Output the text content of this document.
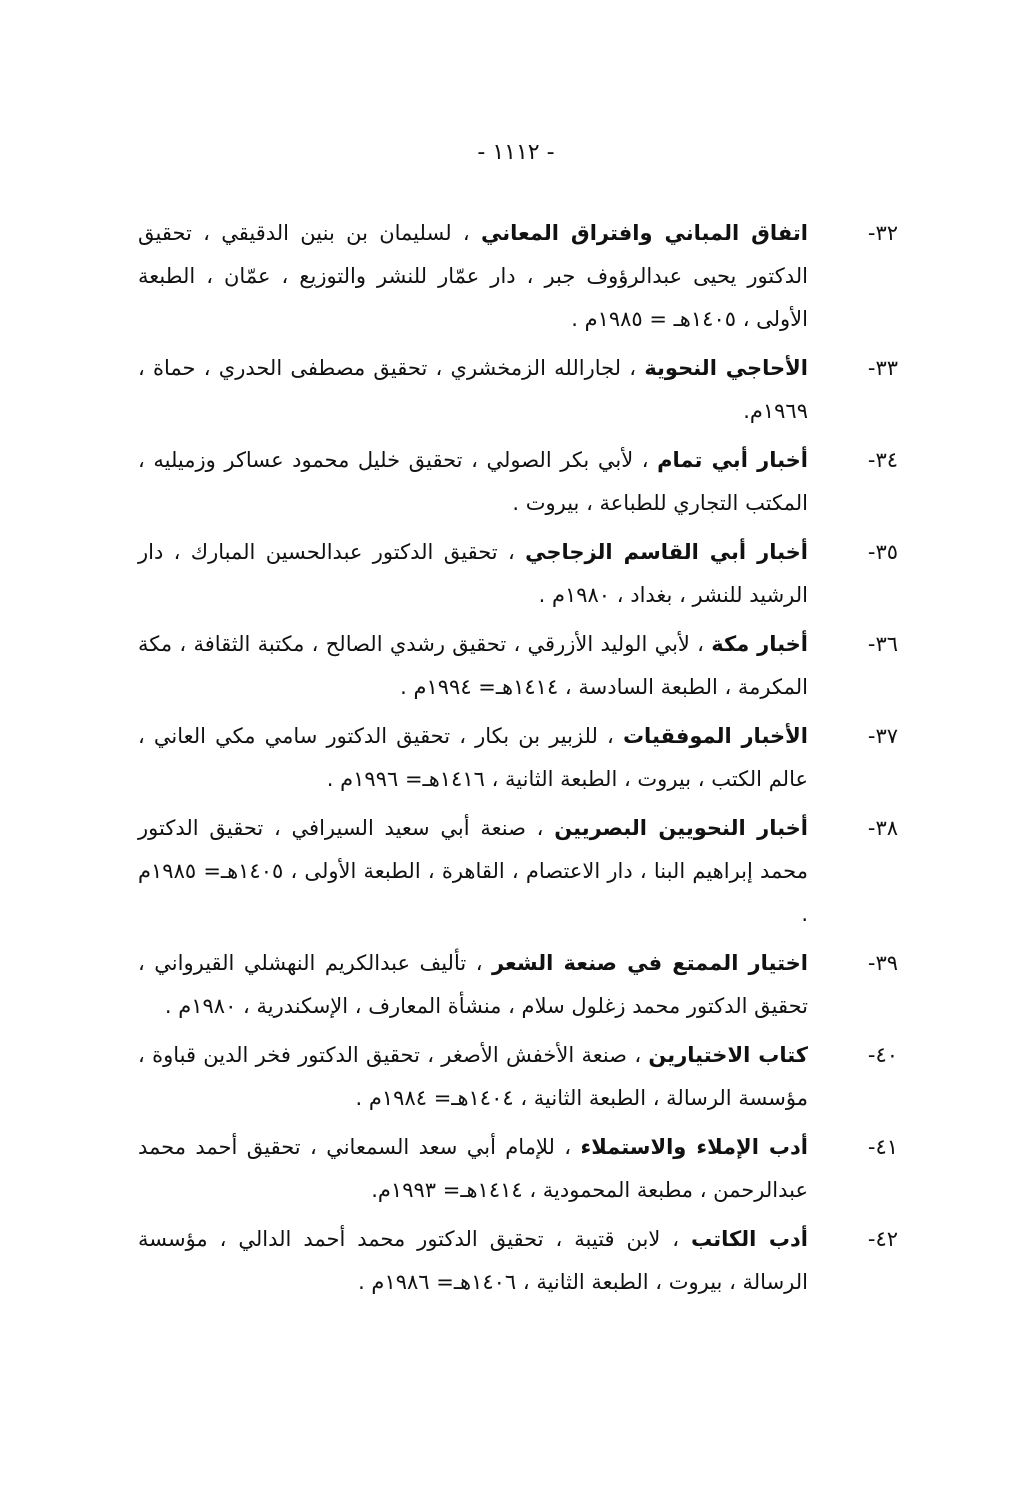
- ١١١٢ -
٣٢-
اتفاق المباني وافتراق المعاني ، لسليمان بن بنين الدقيقي ، تحقيق الدكتور يحيى عبدالرؤوف جبر ، دار عمّار للنشر والتوزيع ، عمّان ، الطبعة الأولى ، ١٤٠٥هـ = ١٩٨٥م .
٣٣-
الأحاجي النحوية ، لجارالله الزمخشري ، تحقيق مصطفى الحدري ، حماة ، ١٩٦٩م.
٣٤-
أخبار أبي تمام ، لأبي بكر الصولي ، تحقيق خليل محمود عساكر وزميليه ، المكتب التجاري للطباعة ، بيروت .
٣٥-
أخبار أبي القاسم الزجاجي ، تحقيق الدكتور عبدالحسين المبارك ، دار الرشيد للنشر ، بغداد ، ١٩٨٠م .
٣٦-
أخبار مكة ، لأبي الوليد الأزرقي ، تحقيق رشدي الصالح ، مكتبة الثقافة ، مكة المكرمة ، الطبعة السادسة ، ١٤١٤هـ= ١٩٩٤م .
٣٧-
الأخبار الموفقيات ، للزبير بن بكار ، تحقيق الدكتور سامي مكي العاني ، عالم الكتب ، بيروت ، الطبعة الثانية ، ١٤١٦هـ= ١٩٩٦م .
٣٨-
أخبار النحويين البصريين ، صنعة أبي سعيد السيرافي ، تحقيق الدكتور محمد إبراهيم البنا ، دار الاعتصام ، القاهرة ، الطبعة الأولى ، ١٤٠٥هـ= ١٩٨٥م .
٣٩-
اختيار الممتع في صنعة الشعر ، تأليف عبدالكريم النهشلي القيرواني ، تحقيق الدكتور محمد زغلول سلام ، منشأة المعارف ، الإسكندرية ، ١٩٨٠م .
٤٠-
كتاب الاختيارين ، صنعة الأخفش الأصغر ، تحقيق الدكتور فخر الدين قباوة ، مؤسسة الرسالة ، الطبعة الثانية ، ١٤٠٤هـ= ١٩٨٤م .
٤١-
أدب الإملاء والاستملاء ، للإمام أبي سعد السمعاني ، تحقيق أحمد محمد عبدالرحمن ، مطبعة المحمودية ، ١٤١٤هـ= ١٩٩٣م.
٤٢-
أدب الكاتب ، لابن قتيبة ، تحقيق الدكتور محمد أحمد الدالي ، مؤسسة الرسالة ، بيروت ، الطبعة الثانية ، ١٤٠٦هـ= ١٩٨٦م .
